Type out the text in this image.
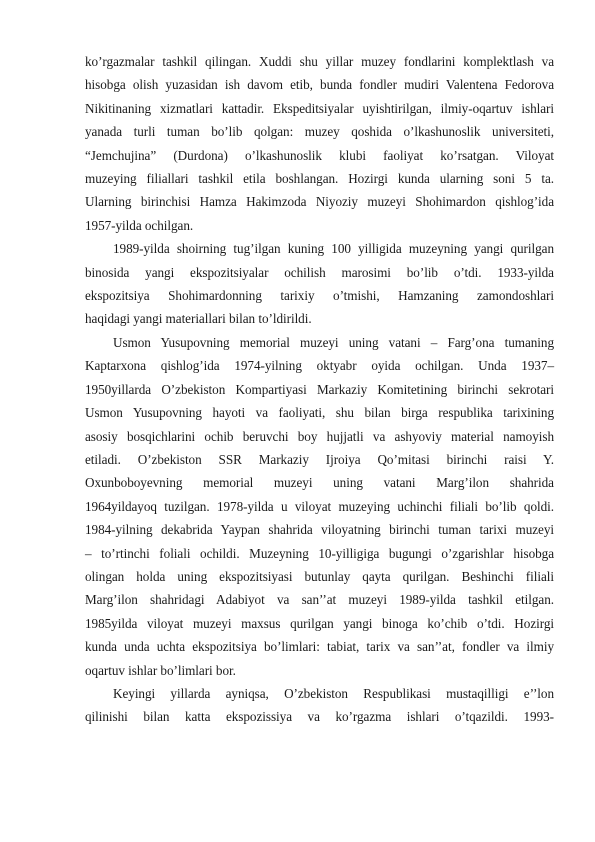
ko’rgazmalar tashkil qilingan. Xuddi shu yillar muzey fondlarini komplektlash va
hisobga olish yuzasidan ish davom etib, bunda fondler mudiri Valentena Fedorova
Nikitinaning xizmatlari kattadir. Ekspeditsiyalar uyishtirilgan, ilmiy-oqartuv ishlari
yanada turli tuman bo’lib qolgan: muzey qoshida o’lkashunoslik universiteti,
“Jemchujina” (Durdona) o’lkashunoslik klubi faoliyat ko’rsatgan. Viloyat
muzeying filiallari tashkil etila boshlangan. Hozirgi kunda ularning soni 5 ta.
Ularning birinchisi Hamza Hakimzoda Niyoziy muzeyi Shohimardon qishlog’ida
1957-yilda ochilgan.

1989-yilda shoirning tug’ilgan kuning 100 yilligida muzeyning yangi qurilgan
binosida yangi ekspozitsiyalar ochilish marosimi bo’lib o’tdi. 1933-yilda
ekspozitsiya Shohimardonning tarixiy o’tmishi, Hamzaning zamondoshlari
haqidagi yangi materiallari bilan to’ldirildi.

Usmon Yusupovning memorial muzeyi uning vatani – Farg’ona tumaning
Kaptarxona qishlog’ida 1974-yilning oktyabr oyida ochilgan. Unda 1937–
1950yillarda O’zbekiston Kompartiyasi Markaziy Komitetining birinchi sekrotari
Usmon Yusupovning hayoti va faoliyati, shu bilan birga respublika tarixining
asosiy bosqichlarini ochib beruvchi boy hujjatli va ashyoviy material namoyish
etiladi. O’zbekiston SSR Markaziy Ijroiya Qo’mitasi birinchi raisi Y.
Oxunboboyevning memorial muzeyi uning vatani Marg’ilon shahrida
1964yildayoq tuzilgan. 1978-yilda u viloyat muzeying uchinchi filiali bo’lib qoldi.
1984-yilning dekabrida Yaypan shahrida viloyatning birinchi tuman tarixi muzeyi
– to’rtinchi foliali ochildi. Muzeyning 10-yilligiga bugungi o’zgarishlar hisobga
olingan holda uning ekspozitsiyasi butunlay qayta qurilgan. Beshinchi filiali
Marg’ilon shahridagi Adabiyot va san’’at muzeyi 1989-yilda tashkil etilgan.
1985yilda viloyat muzeyi maxsus qurilgan yangi binoga ko’chib o’tdi. Hozirgi
kunda unda uchta ekspozitsiya bo’limlari: tabiat, tarix va san’’at, fondler va ilmiy
oqartuv ishlar bo’limlari bor.

Keyingi yillarda ayniqsa, O’zbekiston Respublikasi mustaqilligi e’’lon
qilinishi bilan katta ekspozissiya va ko’rgazma ishlari o’tqazildi. 1993-
